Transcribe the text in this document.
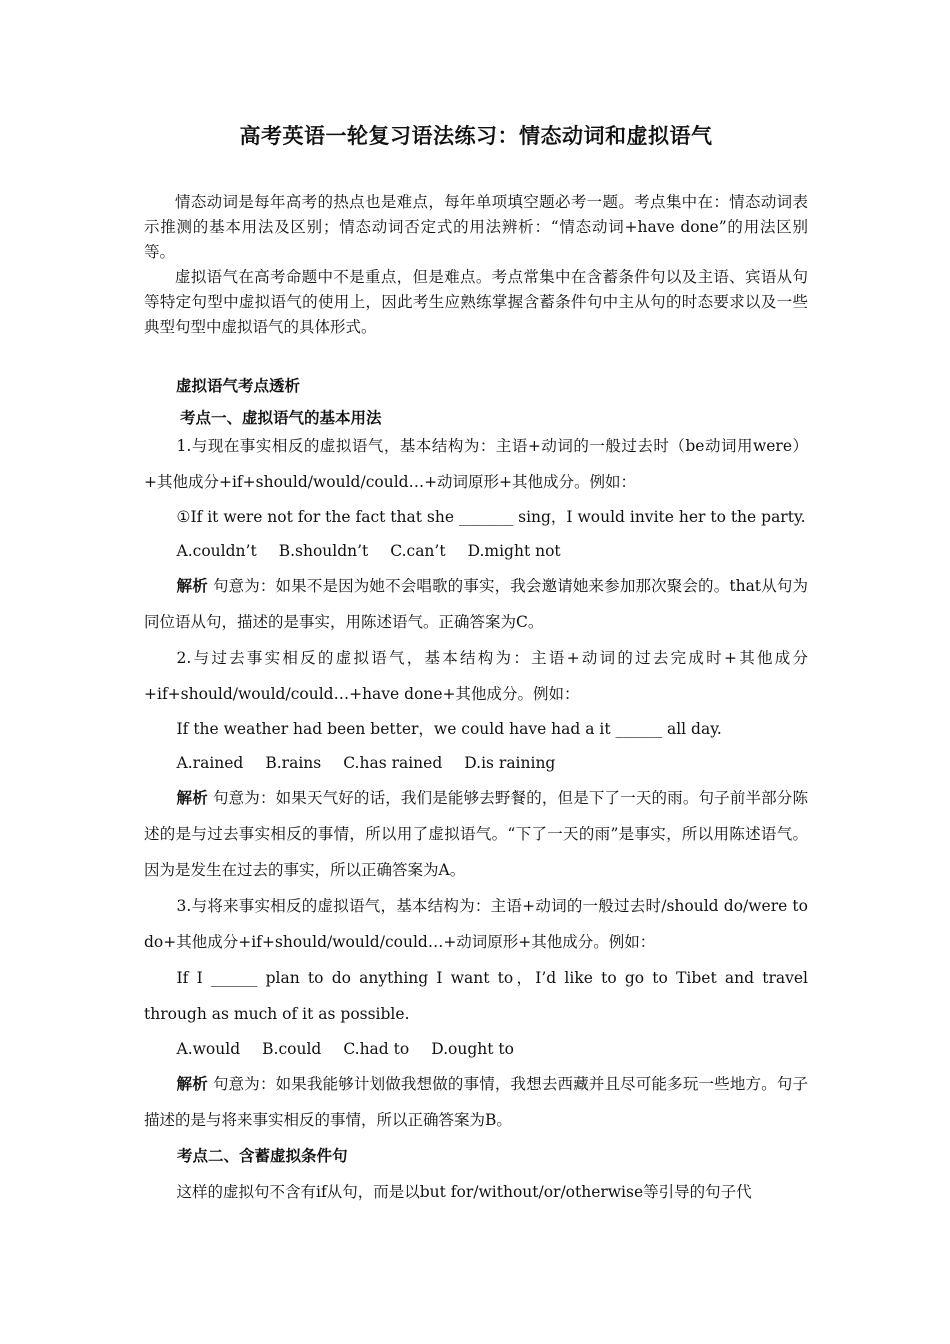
高考英语一轮复习语法练习：情态动词和虚拟语气

情态动词是每年高考的热点也是难点，每年单项填空题必考一题。考点集中在：情态动词表示推测的基本用法及区别；情态动词否定式的用法辨析：“情态动词+have done”的用法区别等。

虚拟语气在高考命题中不是重点，但是难点。考点常集中在含蓄条件句以及主语、宾语从句等特定句型中虚拟语气的使用上，因此考生应熟练掌握含蓄条件句中主从句的时态要求以及一些典型句型中虚拟语气的具体形式。

虚拟语气考点透析
考点一、虚拟语气的基本用法

1.与现在事实相反的虚拟语气，基本结构为：主语+动词的一般过去时（be动词用were）+其他成分+if+should/would/could…+动词原形+其他成分。例如：

①If it were not for the fact that she _______ sing，I would invite her to the party.

A.couldn’t B.shouldn’t C.can’t D.might not

解析 句意为：如果不是因为她不会唱歌的事实，我会邀请她来参加那次聚会的。that从句为同位语从句，描述的是事实，用陈述语气。正确答案为C。

2.与过去事实相反的虚拟语气，基本结构为：主语+动词的过去完成时+其他成分+if+should/would/could…+have done+其他成分。例如：

If the weather had been better，we could have had a it ______ all day.

A.rained B.rains C.has rained D.is raining

解析 句意为：如果天气好的话，我们是能够去野餐的，但是下了一天的雨。句子前半部分陈述的是与过去事实相反的事情，所以用了虚拟语气。“下了一天的雨”是事实，所以用陈述语气。因为是发生在过去的事实，所以正确答案为A。

3.与将来事实相反的虚拟语气，基本结构为：主语+动词的一般过去时/should do/were to do+其他成分+if+should/would/could…+动词原形+其他成分。例如：

If I ______ plan to do anything I want to，I’d like to go to Tibet and travel through as much of it as possible.

A.would B.could C.had to D.ought to

解析 句意为：如果我能够计划做我想做的事情，我想去西藏并且尽可能多玩一些地方。句子描述的是与将来事实相反的事情，所以正确答案为B。

考点二、含蓄虚拟条件句

这样的虚拟句不含有if从句，而是以but for/without/or/otherwise等引导的句子代
